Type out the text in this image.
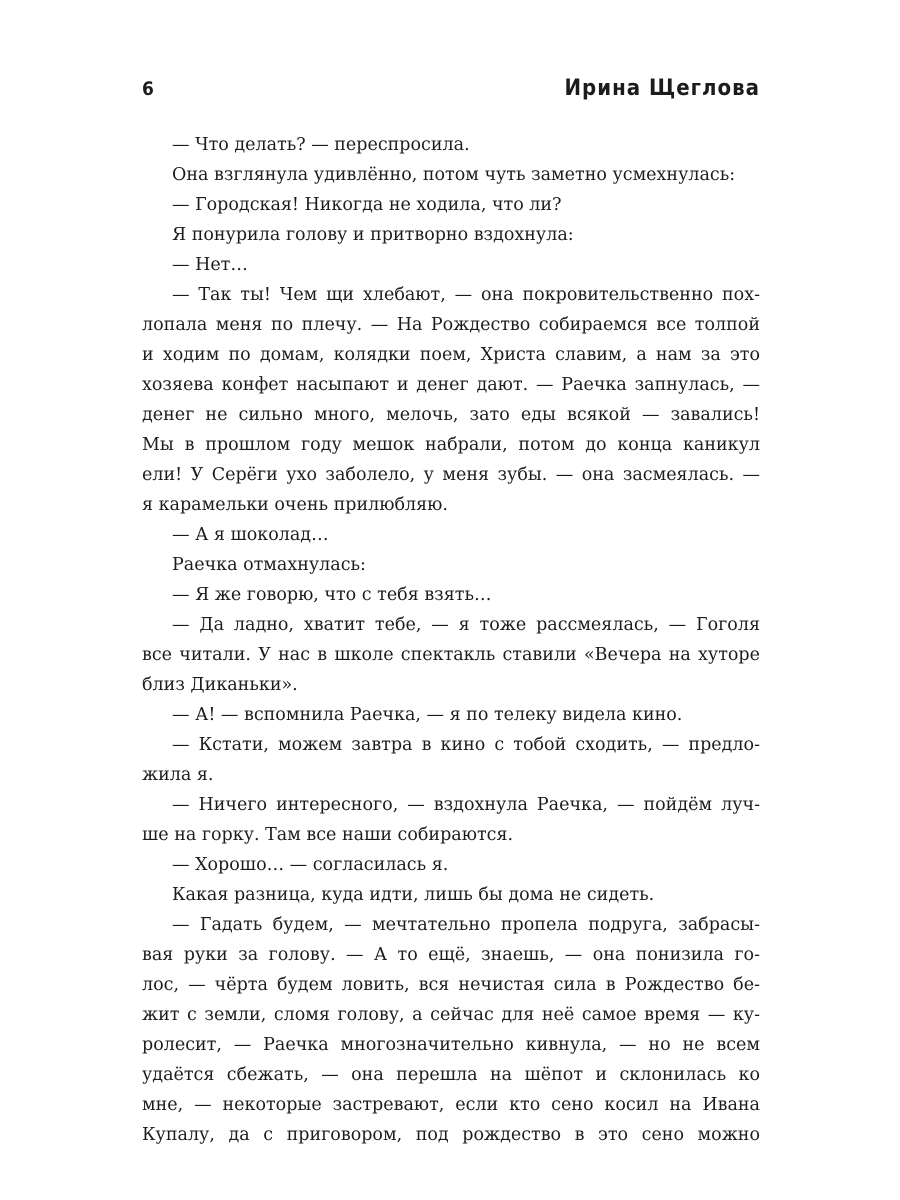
6	Ирина Щеглова

— Что делать? — переспросила.

Она взглянула удивлённо, потом чуть заметно усмехнулась:

— Городская! Никогда не ходила, что ли?

Я понурила голову и притворно вздохнула:

— Нет…

— Так ты! Чем щи хлебают, — она покровительственно пох-

лопала меня по плечу. — На Рождество собираемся все толпой

и ходим по домам, колядки поем, Христа славим, а нам за это

хозяева конфет насыпают и денег дают. — Раечка запнулась, —

денег не сильно много, мелочь, зато еды всякой — завались!

Мы в прошлом году мешок набрали, потом до конца каникул

ели! У Серёги ухо заболело, у меня зубы. — она засмеялась. —

я карамельки очень прилюбляю.

— А я шоколад…

Раечка отмахнулась:

— Я же говорю, что с тебя взять…

— Да ладно, хватит тебе, — я тоже рассмеялась, — Гоголя

все читали. У нас в школе спектакль ставили «Вечера на хуторе

близ Диканьки».

— А! — вспомнила Раечка, — я по телеку видела кино.

— Кстати, можем завтра в кино с тобой сходить, — предло-

жила я.

— Ничего интересного, — вздохнула Раечка, — пойдём луч-

ше на горку. Там все наши собираются.

— Хорошо… — согласилась я.

Какая разница, куда идти, лишь бы дома не сидеть.

— Гадать будем, — мечтательно пропела подруга, забрасы-

вая руки за голову. — А то ещё, знаешь, — она понизила го-

лос, — чёрта будем ловить, вся нечистая сила в Рождество бе-

жит с земли, сломя голову, а сейчас для неё самое время — ку-

ролесит, — Раечка многозначительно кивнула, — но не всем

удаётся сбежать, — она перешла на шёпот и склонилась ко

мне, — некоторые застревают, если кто сено косил на Ивана

Купалу, да с приговором, под рождество в это сено можно
